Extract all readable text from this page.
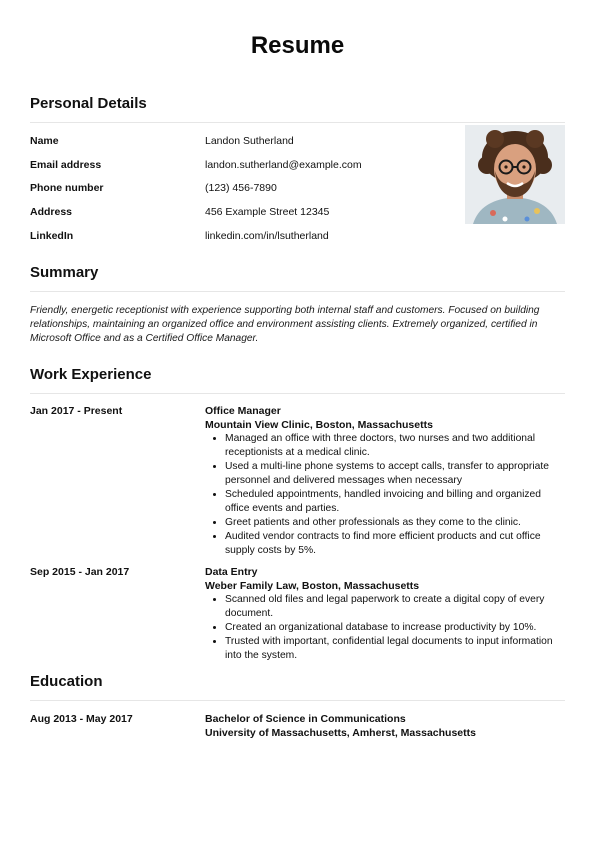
Resume
Personal Details
Name	Landon Sutherland
Email address	landon.sutherland@example.com
Phone number	(123) 456-7890
Address	456 Example Street 12345
LinkedIn	linkedin.com/in/lsutherland
Summary
Friendly, energetic receptionist with experience supporting both internal staff and customers. Focused on building relationships, maintaining an organized office and environment assisting clients. Extremely organized, certified in Microsoft Office and as a Certified Office Manager.
Work Experience
Jan 2017 - Present	Office Manager
Mountain View Clinic, Boston, Massachusetts
• Managed an office with three doctors, two nurses and two additional receptionists at a medical clinic.
• Used a multi-line phone systems to accept calls, transfer to appropriate personnel and delivered messages when necessary
• Scheduled appointments, handled invoicing and billing and organized office events and parties.
• Greet patients and other professionals as they come to the clinic.
• Audited vendor contracts to find more efficient products and cut office supply costs by 5%.
Sep 2015 - Jan 2017	Data Entry
Weber Family Law, Boston, Massachusetts
• Scanned old files and legal paperwork to create a digital copy of every document.
• Created an organizational database to increase productivity by 10%.
• Trusted with important, confidential legal documents to input information into the system.
Education
Aug 2013 - May 2017	Bachelor of Science in Communications
University of Massachusetts, Amherst, Massachusetts
